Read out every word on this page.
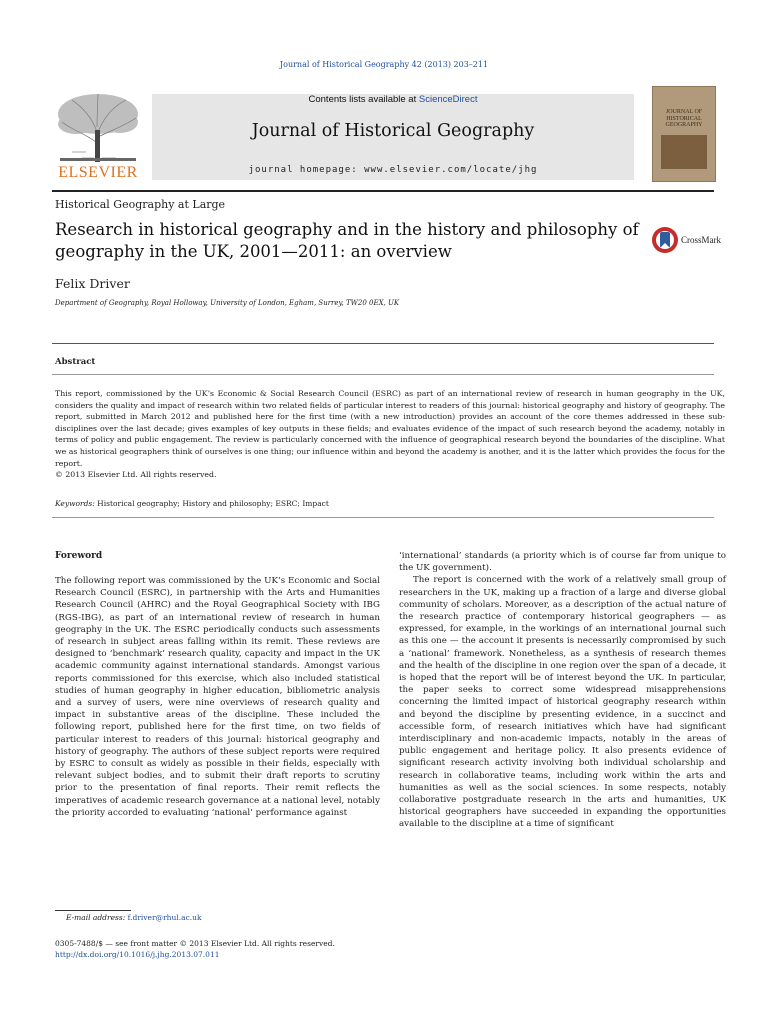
Journal of Historical Geography 42 (2013) 203–211
ELSEVIER
Contents lists available at ScienceDirect
Journal of Historical Geography
journal homepage: www.elsevier.com/locate/jhg
JOURNAL OF HISTORICAL GEOGRAPHY
Historical Geography at Large
Research in historical geography and in the history and philosophy of geography in the UK, 2001—2011: an overview
CrossMark
Felix Driver
Department of Geography, Royal Holloway, University of London, Egham, Surrey, TW20 0EX, UK
Abstract
This report, commissioned by the UK’s Economic & Social Research Council (ESRC) as part of an international review of research in human geography in the UK, considers the quality and impact of research within two related fields of particular interest to readers of this journal: historical geography and history of geography. The report, submitted in March 2012 and published here for the first time (with a new introduction) provides an account of the core themes addressed in these sub-disciplines over the last decade; gives examples of key outputs in these fields; and evaluates evidence of the impact of such research beyond the academy, notably in terms of policy and public engagement. The review is particularly concerned with the influence of geographical research beyond the boundaries of the discipline. What we as historical geographers think of ourselves is one thing; our influence within and beyond the academy is another, and it is the latter which provides the focus for the report.
© 2013 Elsevier Ltd. All rights reserved.
Keywords: Historical geography; History and philosophy; ESRC; Impact
Foreword

The following report was commissioned by the UK’s Economic and Social Research Council (ESRC), in partnership with the Arts and Humanities Research Council (AHRC) and the Royal Geographical Society with IBG (RGS-IBG), as part of an international review of research in human geography in the UK. The ESRC periodically conducts such assessments of research in subject areas falling within its remit. These reviews are designed to ‘benchmark’ research quality, capacity and impact in the UK academic community against international standards. Amongst various reports commissioned for this exercise, which also included statistical studies of human geography in higher education, bibliometric analysis and a survey of users, were nine overviews of research quality and impact in substantive areas of the discipline. These included the following report, published here for the first time, on two fields of particular interest to readers of this journal: historical geography and history of geography. The authors of these subject reports were required by ESRC to consult as widely as possible in their fields, especially with relevant subject bodies, and to submit their draft reports to scrutiny prior to the presentation of final reports. Their remit reflects the imperatives of academic research governance at a national level, notably the priority accorded to evaluating ‘national’ performance against

‘international’ standards (a priority which is of course far from unique to the UK government).

The report is concerned with the work of a relatively small group of researchers in the UK, making up a fraction of a large and diverse global community of scholars. Moreover, as a description of the actual nature of the research practice of contemporary historical geographers — as expressed, for example, in the workings of an international journal such as this one — the account it presents is necessarily compromised by such a ‘national’ framework. Nonetheless, as a synthesis of research themes and the health of the discipline in one region over the span of a decade, it is hoped that the report will be of interest beyond the UK. In particular, the paper seeks to correct some widespread misapprehensions concerning the limited impact of historical geography research within and beyond the discipline by presenting evidence, in a succinct and accessible form, of research initiatives which have had significant interdisciplinary and non-academic impacts, notably in the areas of public engagement and heritage policy. It also presents evidence of significant research activity involving both individual scholarship and research in collaborative teams, including work within the arts and humanities as well as the social sciences. In some respects, notably collaborative postgraduate research in the arts and humanities, UK historical geographers have succeeded in expanding the opportunities available to the discipline at a time of significant

E-mail address: f.driver@rhul.ac.uk
0305-7488/$ — see front matter © 2013 Elsevier Ltd. All rights reserved.
http://dx.doi.org/10.1016/j.jhg.2013.07.011
